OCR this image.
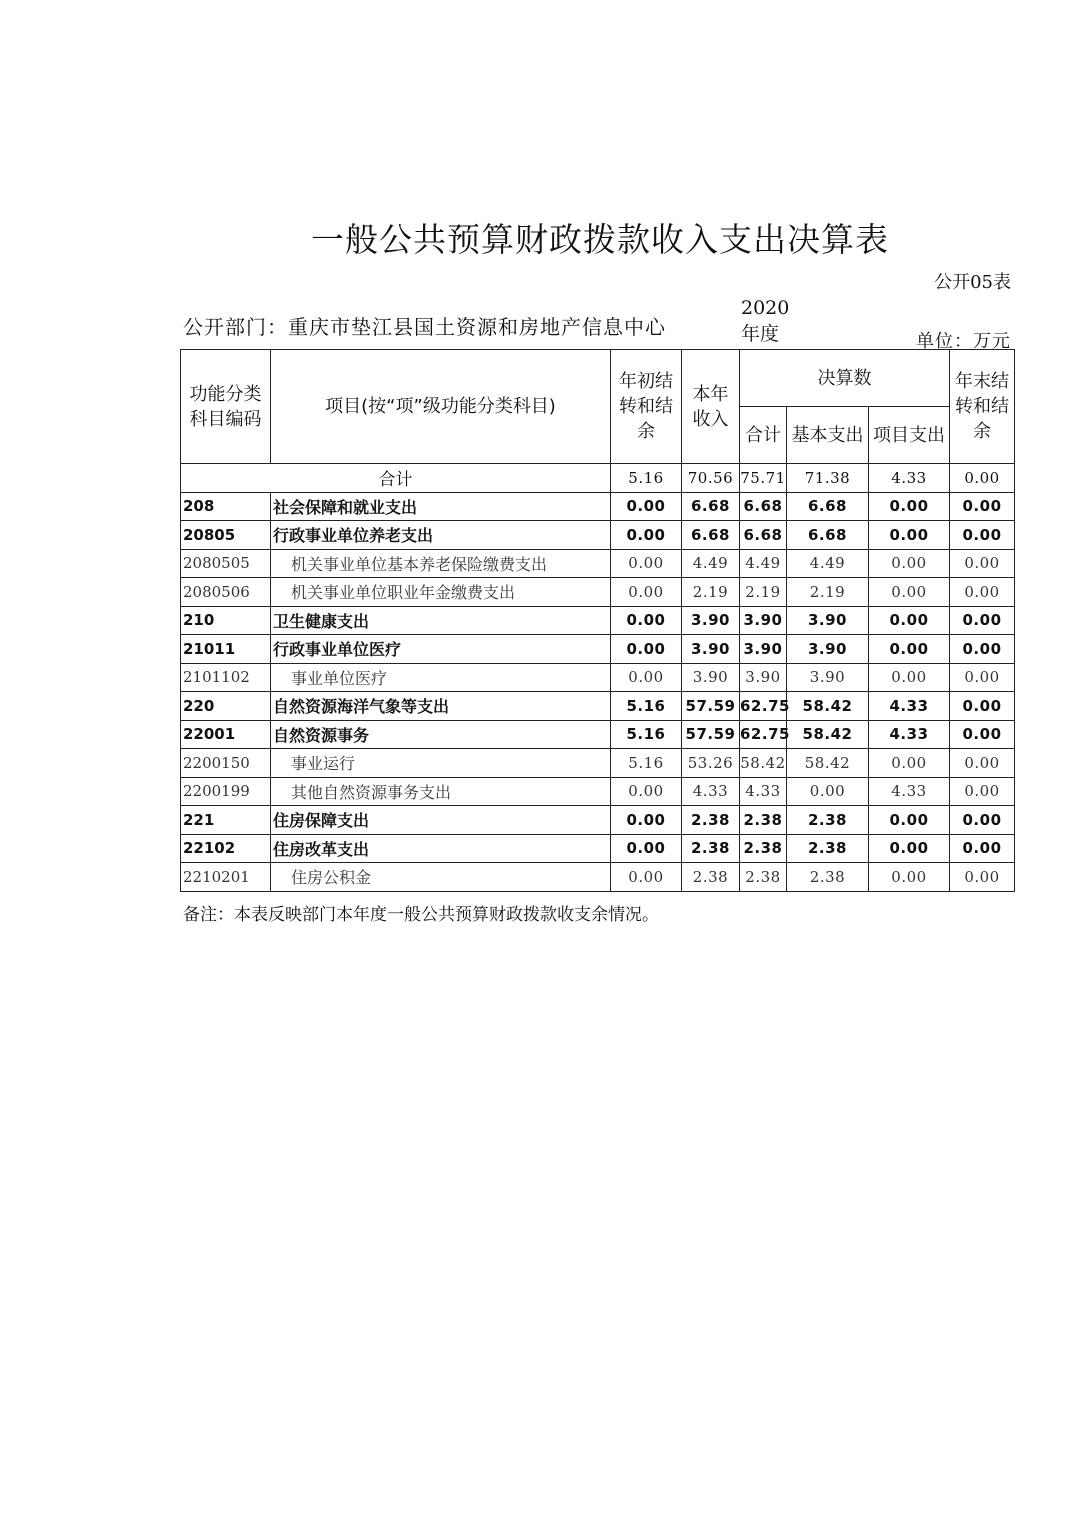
一般公共预算财政拨款收入支出决算表
公开05表
公开部门：重庆市垫江县国土资源和房地产信息中心
2020年度	单位：万元
功能分类科目编码	项目(按“项”级功能分类科目)	年初结转和结余	本年收入	决算数			年末结转和结余
				合计	基本支出	项目支出	
合计		5.16	70.56	75.71	71.38	4.33	0.00
208	社会保障和就业支出	0.00	6.68	6.68	6.68	0.00	0.00
20805	行政事业单位养老支出	0.00	6.68	6.68	6.68	0.00	0.00
2080505	机关事业单位基本养老保险缴费支出	0.00	4.49	4.49	4.49	0.00	0.00
2080506	机关事业单位职业年金缴费支出	0.00	2.19	2.19	2.19	0.00	0.00
210	卫生健康支出	0.00	3.90	3.90	3.90	0.00	0.00
21011	行政事业单位医疗	0.00	3.90	3.90	3.90	0.00	0.00
2101102	事业单位医疗	0.00	3.90	3.90	3.90	0.00	0.00
220	自然资源海洋气象等支出	5.16	57.59	62.75	58.42	4.33	0.00
22001	自然资源事务	5.16	57.59	62.75	58.42	4.33	0.00
2200150	事业运行	5.16	53.26	58.42	58.42	0.00	0.00
2200199	其他自然资源事务支出	0.00	4.33	4.33	0.00	4.33	0.00
221	住房保障支出	0.00	2.38	2.38	2.38	0.00	0.00
22102	住房改革支出	0.00	2.38	2.38	2.38	0.00	0.00
2210201	住房公积金	0.00	2.38	2.38	2.38	0.00	0.00
备注：本表反映部门本年度一般公共预算财政拨款收支余情况。
